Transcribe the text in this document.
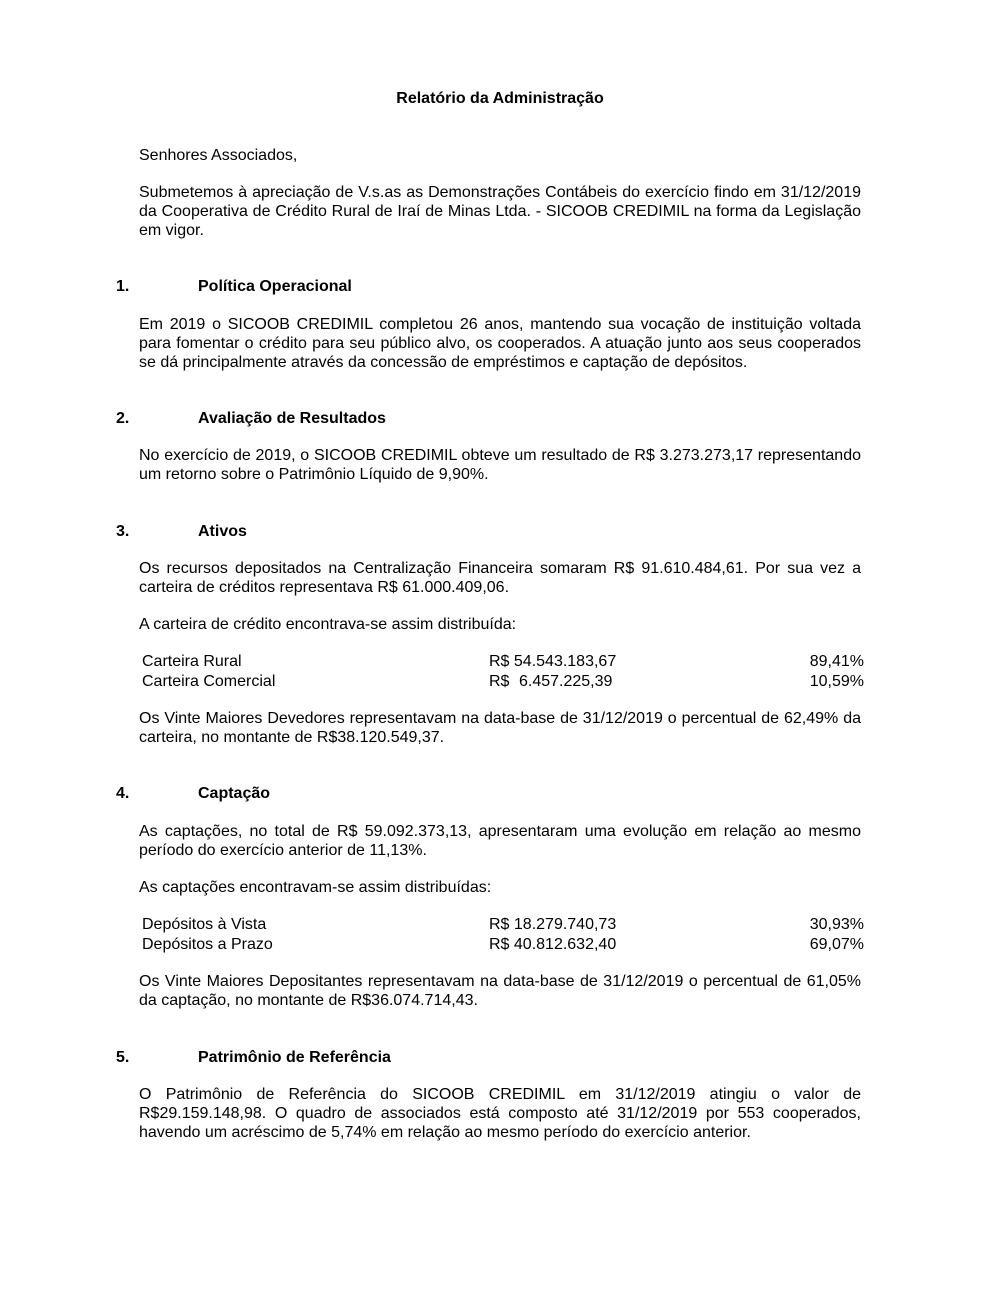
Relatório da Administração
Senhores Associados,
Submetemos à apreciação de V.s.as as Demonstrações Contábeis do exercício findo em 31/12/2019 da Cooperativa de Crédito Rural de Iraí de Minas Ltda. - SICOOB CREDIMIL na forma da Legislação em vigor.
1.	Política Operacional
Em 2019 o SICOOB CREDIMIL completou 26 anos, mantendo sua vocação de instituição voltada para fomentar o crédito para seu público alvo, os cooperados. A atuação junto aos seus cooperados se dá principalmente através da concessão de empréstimos e captação de depósitos.
2.	Avaliação de Resultados
No exercício de 2019, o SICOOB CREDIMIL obteve um resultado de R$ 3.273.273,17 representando um retorno sobre o Patrimônio Líquido de 9,90%.
3.	Ativos
Os recursos depositados na Centralização Financeira somaram R$ 91.610.484,61. Por sua vez a carteira de créditos representava R$ 61.000.409,06.
A carteira de crédito encontrava-se assim distribuída:
Carteira Rural	R$ 54.543.183,67	89,41%
Carteira Comercial	R$ 6.457.225,39	10,59%
Os Vinte Maiores Devedores representavam na data-base de 31/12/2019 o percentual de 62,49% da carteira, no montante de R$38.120.549,37.
4.	Captação
As captações, no total de R$ 59.092.373,13, apresentaram uma evolução em relação ao mesmo período do exercício anterior de 11,13%.
As captações encontravam-se assim distribuídas:
Depósitos à Vista	R$ 18.279.740,73	30,93%
Depósitos a Prazo	R$ 40.812.632,40	69,07%
Os Vinte Maiores Depositantes representavam na data-base de 31/12/2019 o percentual de 61,05% da captação, no montante de R$36.074.714,43.
5.	Patrimônio de Referência
O Patrimônio de Referência do SICOOB CREDIMIL em 31/12/2019 atingiu o valor de R$29.159.148,98. O quadro de associados está composto até 31/12/2019 por 553 cooperados, havendo um acréscimo de 5,74% em relação ao mesmo período do exercício anterior.
